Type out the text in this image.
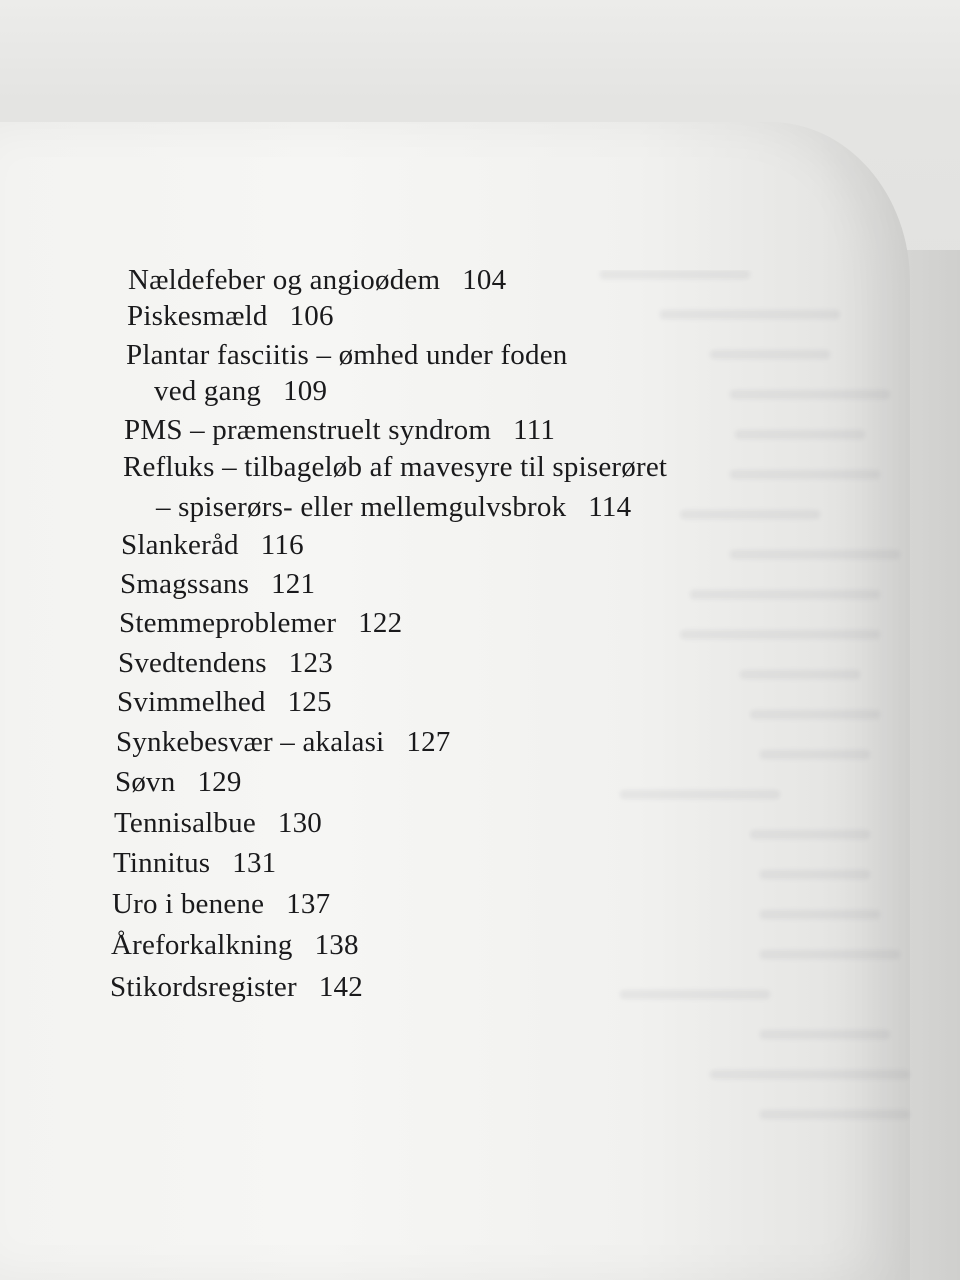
Nældefeber og angioødem 104
Piskesmæld 106
Plantar fasciitis – ømhed under foden
ved gang 109
PMS – præmenstruelt syndrom 111
Refluks – tilbageløb af mavesyre til spiserøret
– spiserørs- eller mellemgulvsbrok 114
Slankeråd 116
Smagssans 121
Stemmeproblemer 122
Svedtendens 123
Svimmelhed 125
Synkebesvær – akalasi 127
Søvn 129
Tennisalbue 130
Tinnitus 131
Uro i benene 137
Åreforkalkning 138
Stikordsregister 142
